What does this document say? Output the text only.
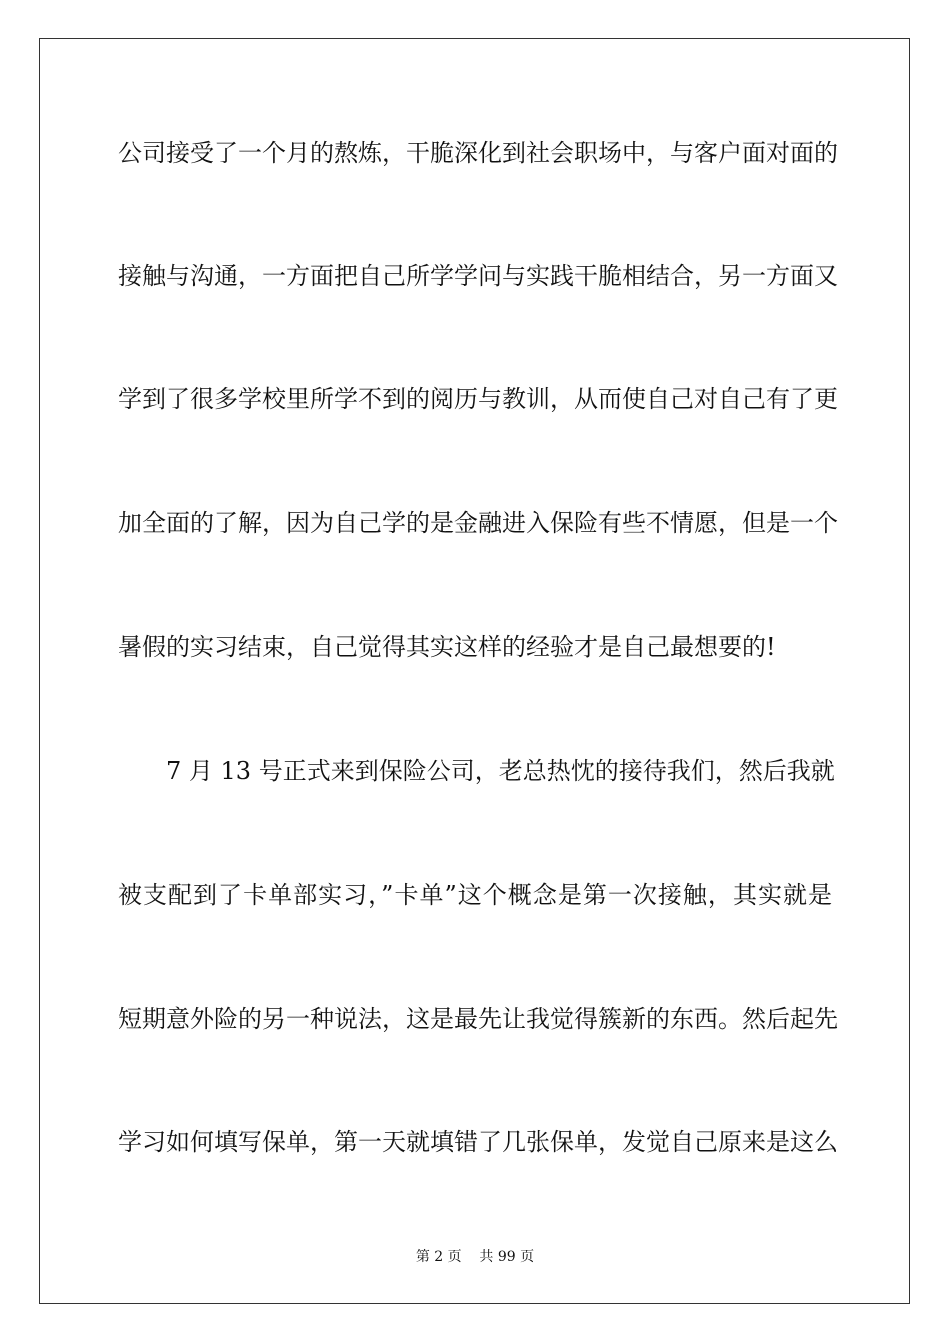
公司接受了一个月的熬炼，干脆深化到社会职场中，与客户面对面的
接触与沟通，一方面把自己所学学问与实践干脆相结合，另一方面又
学到了很多学校里所学不到的阅历与教训，从而使自己对自己有了更
加全面的了解，因为自己学的是金融进入保险有些不情愿，但是一个
暑假的实习结束，自己觉得其实这样的经验才是自己最想要的!
7 月 13 号正式来到保险公司，老总热忱的接待我们，然后我就
被支配到了卡单部实习，”卡单”这个概念是第一次接触，其实就是
短期意外险的另一种说法，这是最先让我觉得簇新的东西。然后起先
学习如何填写保单，第一天就填错了几张保单，发觉自己原来是这么
第 2 页    共 99 页
